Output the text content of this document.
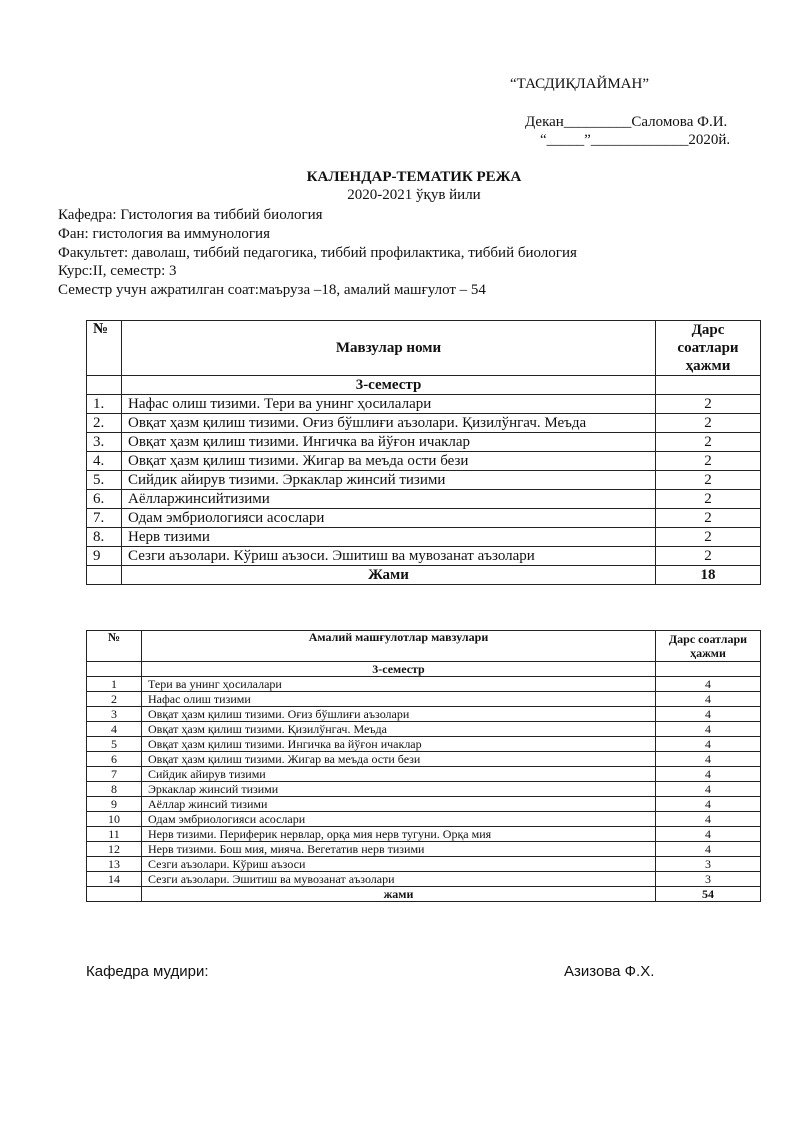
“ТАСДИҚЛАЙМАН”
Декан_________Саломова Ф.И.
“_____”_____________2020й.
КАЛЕНДАР-ТЕМАТИК РЕЖА
2020-2021 ўқув йили
Кафедра: Гистология ва тиббий биология
Фан: гистология ва иммунология
Факультет: даволаш, тиббий педагогика, тиббий профилактика, тиббий биология
Курс:II, семестр: 3
Семестр учун ажратилган соат:маъруза –18, амалий машғулот – 54
№	Мавзулар номи	Дарс
соатлари
ҳажми
	3-семестр	
1.	Нафас олиш тизими. Тери ва унинг ҳосилалари	2
2.	Овқат ҳазм қилиш тизими. Оғиз бўшлиғи аъзолари. Қизилўнгач. Меъда	2
3.	Овқат ҳазм қилиш тизими. Ингичка ва йўғон ичаклар	2
4.	Овқат ҳазм қилиш тизими. Жигар ва меъда ости бези	2
5.	Сийдик айирув тизими. Эркаклар жинсий тизими	2
6.	Аёлларжинсийтизими	2
7.	Одам эмбриологияси асослари	2
8.	Нерв тизими	2
9	Сезги аъзолари. Кўриш аъзоси. Эшитиш ва мувозанат аъзолари	2
	Жами	18
№	Амалий машғулотлар мавзулари	Дарс соатлари
ҳажми
	3-семестр	
1	Тери ва унинг ҳосилалари	4
2	Нафас олиш тизими	4
3	Овқат ҳазм қилиш тизими. Оғиз бўшлиғи аъзолари	4
4	Овқат ҳазм қилиш тизими. Қизилўнгач. Меъда	4
5	Овқат ҳазм қилиш тизими. Ингичка ва йўғон ичаклар	4
6	Овқат ҳазм қилиш тизими. Жигар ва меъда ости бези	4
7	Сийдик айирув тизими	4
8	Эркаклар жинсий тизими	4
9	Аёллар жинсий тизими	4
10	Одам эмбриологияси асослари	4
11	Нерв тизими. Периферик нервлар, орқа мия нерв тугуни. Орқа мия	4
12	Нерв тизими. Бош мия, мияча. Вегетатив нерв тизими	4
13	Сезги аъзолари. Кўриш аъзоси	3
14	Сезги аъзолари. Эшитиш ва мувозанат аъзолари	3
	жами	54
Кафедра мудири:	Азизова Ф.Х.
